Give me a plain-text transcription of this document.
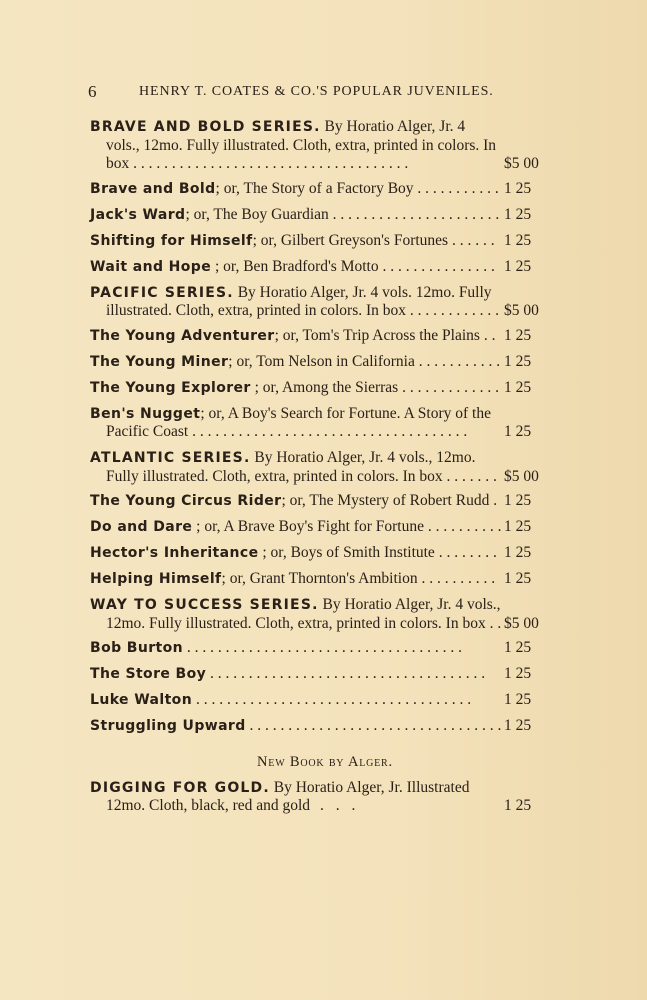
6	HENRY T. COATES & CO.'S POPULAR JUVENILES.
BRAVE AND BOLD SERIES. By Horatio Alger, Jr. 4 vols., 12mo. Fully illustrated. Cloth, extra, printed in colors. In box . . . . . . . . . . . . . . . . . . . . . . . . . . . . . . . . . . . .	$5 00
Brave and Bold; or, The Story of a Factory Boy . . . . . . . . . . . 1 25
Jack's Ward; or, The Boy Guardian . . . . . . . . . . . . . . . . . . . . . . 1 25
Shifting for Himself; or, Gilbert Greyson's Fortunes . . . . . . 1 25
Wait and Hope ; or, Ben Bradford's Motto . . . . . . . . . . . . . . . 1 25
PACIFIC SERIES. By Horatio Alger, Jr. 4 vols. 12mo. Fully illustrated. Cloth, extra, printed in colors. In box . . . . . . . . . . . . $5 00
The Young Adventurer; or, Tom's Trip Across the Plains . . 1 25
The Young Miner; or, Tom Nelson in California . . . . . . . . . . . 1 25
The Young Explorer ; or, Among the Sierras . . . . . . . . . . . . . 1 25
Ben's Nugget; or, A Boy's Search for Fortune. A Story of the Pacific Coast . . . . . . . . . . . . . . . . . . . . . . . . . . . . . . . . . . . .	1 25
ATLANTIC SERIES. By Horatio Alger, Jr. 4 vols., 12mo. Fully illustrated. Cloth, extra, printed in colors. In box . . . . . . . $5 00
The Young Circus Rider; or, The Mystery of Robert Rudd . 1 25
Do and Dare ; or, A Brave Boy's Fight for Fortune . . . . . . . . . . 1 25
Hector's Inheritance ; or, Boys of Smith Institute . . . . . . . . 1 25
Helping Himself; or, Grant Thornton's Ambition . . . . . . . . . . 1 25
WAY TO SUCCESS SERIES. By Horatio Alger, Jr. 4 vols., 12mo. Fully illustrated. Cloth, extra, printed in colors. In box . . $5 00
Bob Burton . . . . . . . . . . . . . . . . . . . . . . . . . . . . . . . . . . . .	1 25
The Store Boy . . . . . . . . . . . . . . . . . . . . . . . . . . . . . . . . . . . .	1 25
Luke Walton . . . . . . . . . . . . . . . . . . . . . . . . . . . . . . . . . . . .	1 25
Struggling Upward . . . . . . . . . . . . . . . . . . . . . . . . . . . . . . . . . 1 25
New Book by Alger.
DIGGING FOR GOLD. By Horatio Alger, Jr. Illustrated 12mo. Cloth, black, red and gold . . .	1 25
